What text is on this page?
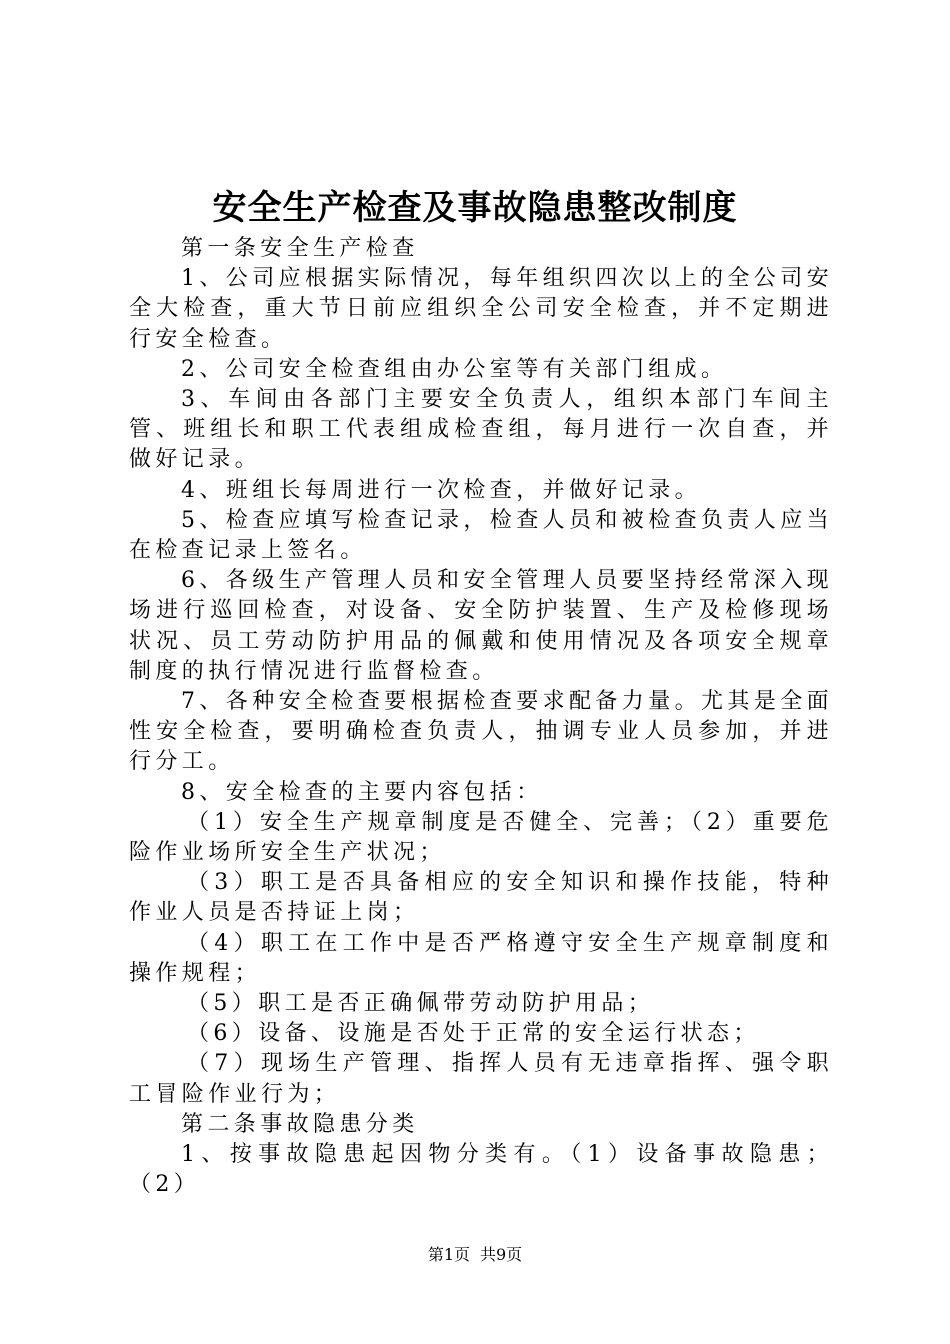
安全生产检查及事故隐患整改制度

第一条安全生产检查

1、公司应根据实际情况，每年组织四次以上的全公司安全大检查，重大节日前应组织全公司安全检查，并不定期进行安全检查。

2、公司安全检查组由办公室等有关部门组成。

3、车间由各部门主要安全负责人，组织本部门车间主管、班组长和职工代表组成检查组，每月进行一次自查，并做好记录。

4、班组长每周进行一次检查，并做好记录。

5、检查应填写检查记录，检查人员和被检查负责人应当在检查记录上签名。

6、各级生产管理人员和安全管理人员要坚持经常深入现场进行巡回检查，对设备、安全防护装置、生产及检修现场状况、员工劳动防护用品的佩戴和使用情况及各项安全规章制度的执行情况进行监督检查。

7、各种安全检查要根据检查要求配备力量。尤其是全面性安全检查，要明确检查负责人，抽调专业人员参加，并进行分工。

8、安全检查的主要内容包括：

（1）安全生产规章制度是否健全、完善；（2）重要危险作业场所安全生产状况；

（3）职工是否具备相应的安全知识和操作技能，特种作业人员是否持证上岗；

（4）职工在工作中是否严格遵守安全生产规章制度和操作规程；

（5）职工是否正确佩带劳动防护用品；

（6）设备、设施是否处于正常的安全运行状态；

（7）现场生产管理、指挥人员有无违章指挥、强令职工冒险作业行为；

第二条事故隐患分类

1、按事故隐患起因物分类有。（1）设备事故隐患；（2）

第1页 共9页
